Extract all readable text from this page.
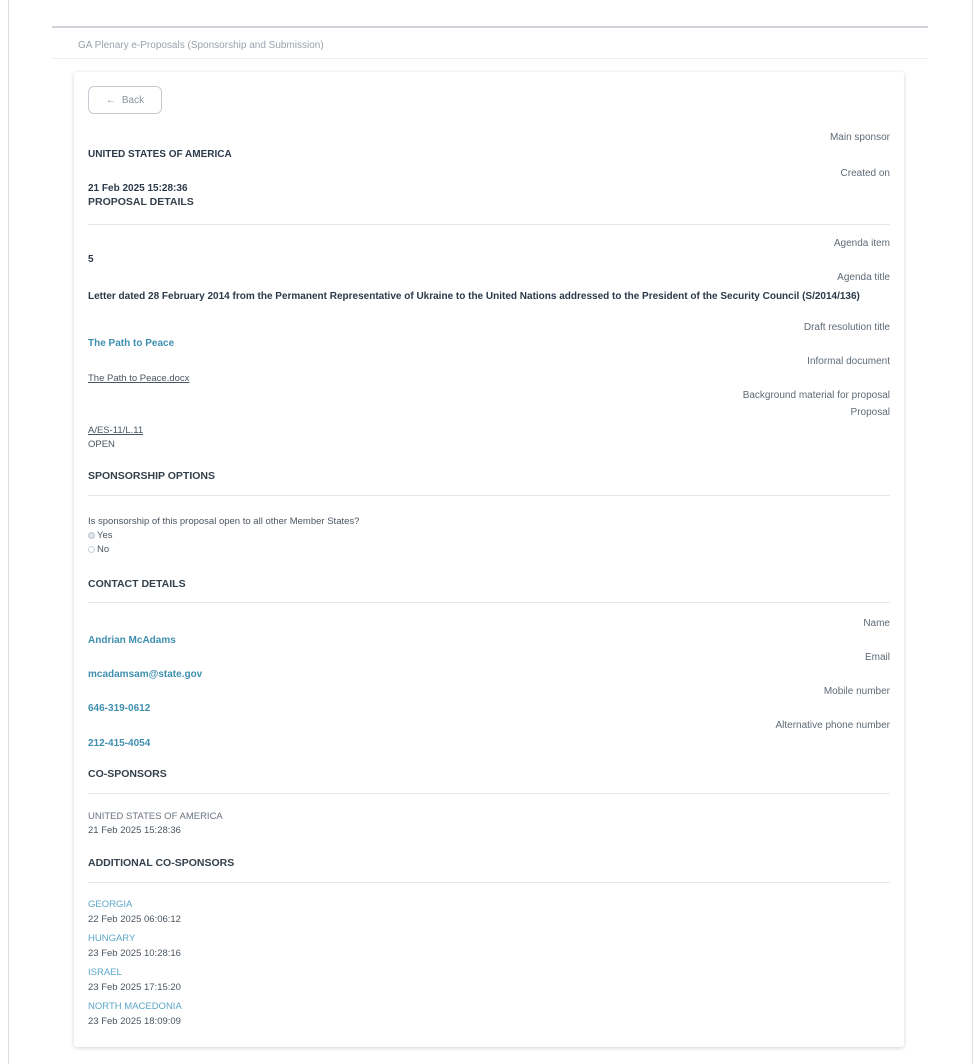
GA Plenary e-Proposals (Sponsorship and Submission)
← Back
Main sponsor
UNITED STATES OF AMERICA
Created on
21 Feb 2025 15:28:36
PROPOSAL DETAILS
Agenda item
5
Agenda title
Letter dated 28 February 2014 from the Permanent Representative of Ukraine to the United Nations addressed to the President of the Security Council (S/2014/136)
Draft resolution title
The Path to Peace
Informal document
The Path to Peace.docx
Background material for proposal
Proposal
A/ES-11/L.11
OPEN
SPONSORSHIP OPTIONS
Is sponsorship of this proposal open to all other Member States?
Yes
No
CONTACT DETAILS
Name
Andrian McAdams
Email
mcadamsam@state.gov
Mobile number
646-319-0612
Alternative phone number
212-415-4054
CO-SPONSORS
UNITED STATES OF AMERICA
21 Feb 2025 15:28:36
ADDITIONAL CO-SPONSORS
GEORGIA
22 Feb 2025 06:06:12
HUNGARY
23 Feb 2025 10:28:16
ISRAEL
23 Feb 2025 17:15:20
NORTH MACEDONIA
23 Feb 2025 18:09:09
